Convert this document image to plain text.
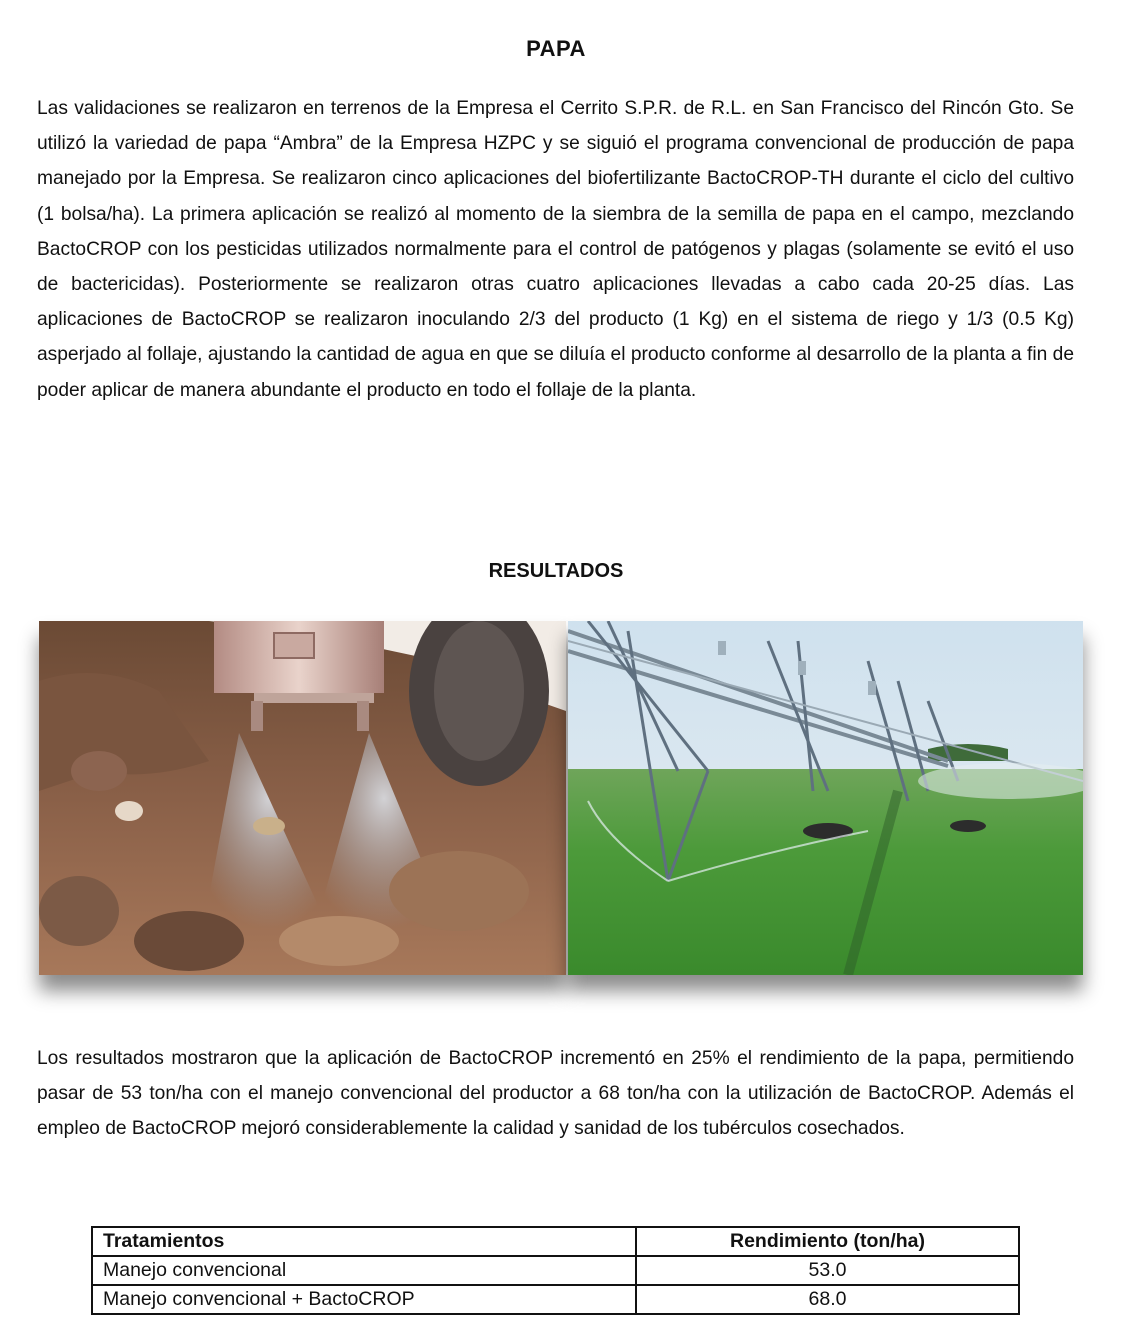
PAPA

Las validaciones se realizaron en terrenos de la Empresa el Cerrito S.P.R. de R.L. en San Francisco del Rincón Gto. Se utilizó la variedad de papa “Ambra” de la Empresa HZPC y se siguió el programa convencional de producción de papa manejado por la Empresa. Se realizaron cinco aplicaciones del biofertilizante BactoCROP-TH durante el ciclo del cultivo (1 bolsa/ha). La primera aplicación se realizó al momento de la siembra de la semilla de papa en el campo, mezclando BactoCROP con los pesticidas utilizados normalmente para el control de patógenos y plagas (solamente se evitó el uso de bactericidas). Posteriormente se realizaron otras cuatro aplicaciones llevadas a cabo cada 20-25 días. Las aplicaciones de BactoCROP se realizaron inoculando 2/3 del producto (1 Kg) en el sistema de riego y 1/3 (0.5 Kg) asperjado al follaje, ajustando la cantidad de agua en que se diluía el producto conforme al desarrollo de la planta a fin de poder aplicar de manera abundante el producto en todo el follaje de la planta.

RESULTADOS

Los resultados mostraron que la aplicación de BactoCROP incrementó en 25% el rendimiento de la papa, permitiendo pasar de 53 ton/ha con el manejo convencional del productor a 68 ton/ha con la utilización de BactoCROP. Además el empleo de BactoCROP mejoró considerablemente la calidad y sanidad de los tubérculos cosechados.

Tratamientos	Rendimiento (ton/ha)
Manejo convencional	53.0
Manejo convencional + BactoCROP	68.0
